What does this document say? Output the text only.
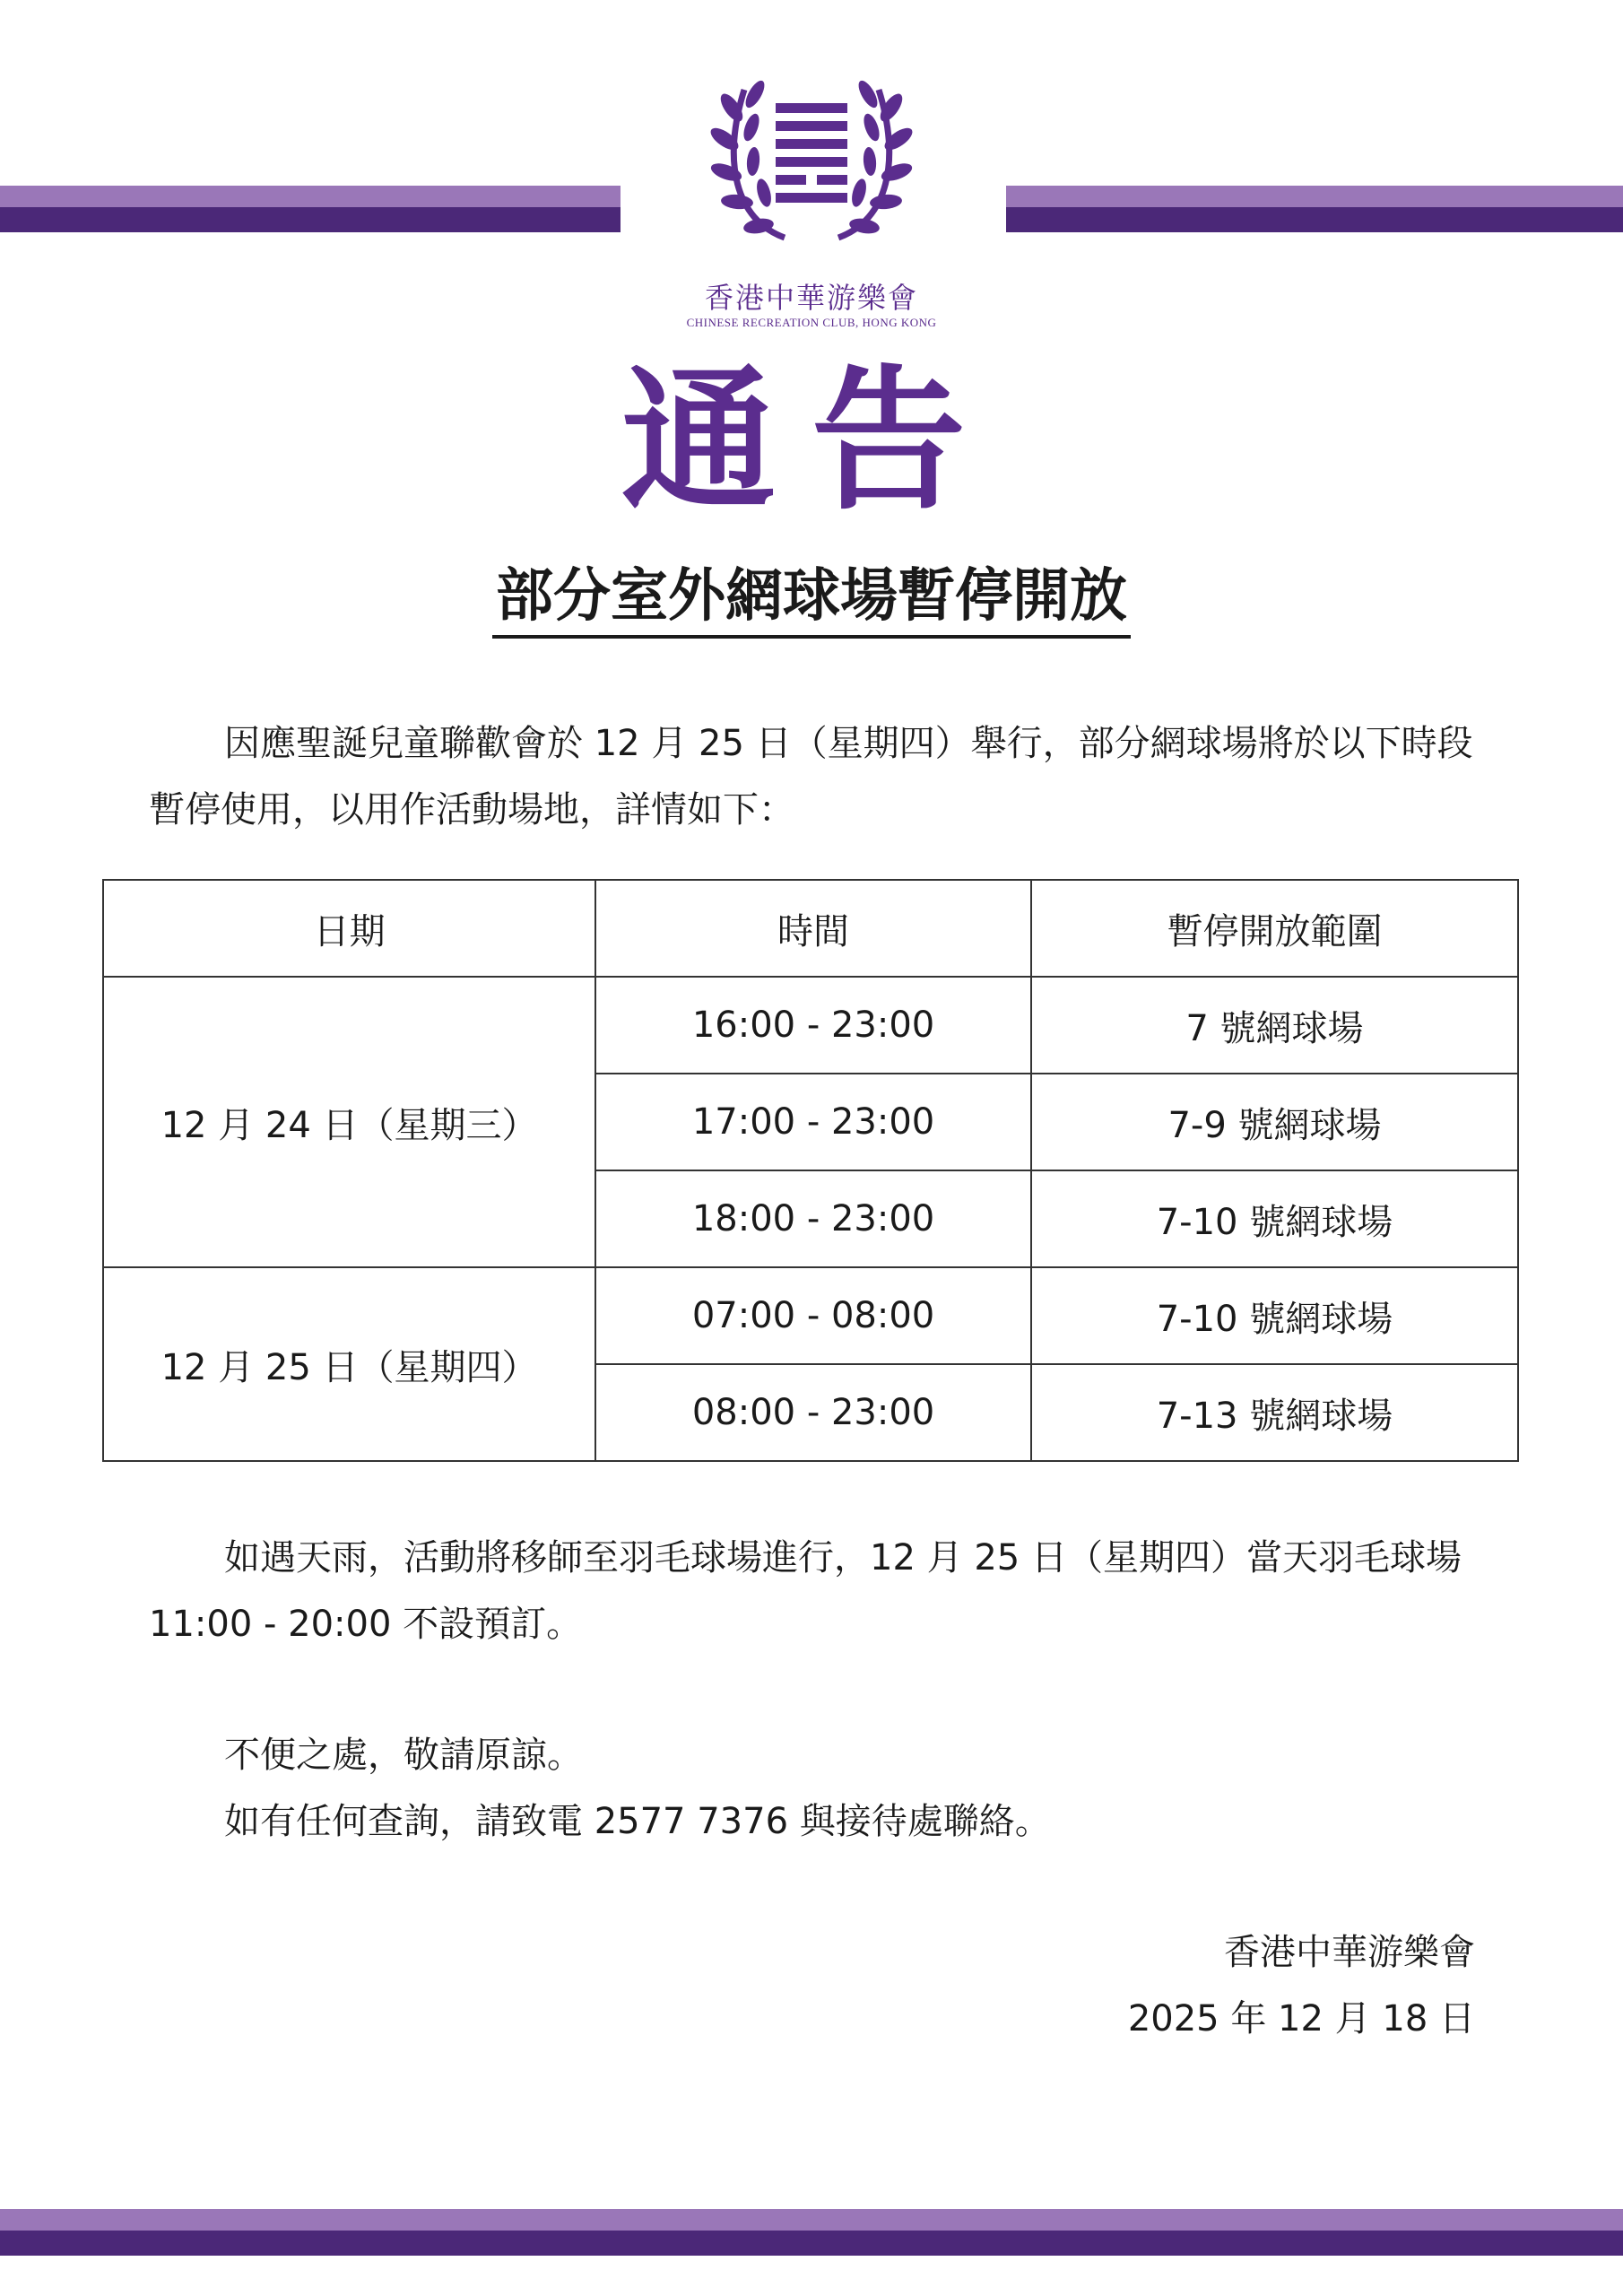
香港中華游樂會
CHINESE RECREATION CLUB, HONG KONG
通告
部分室外網球場暫停開放
因應聖誕兒童聯歡會於 12 月 25 日（星期四）舉行，部分網球場將於以下時段暫停使用，以用作活動場地，詳情如下：
日期	時間	暫停開放範圍
12 月 24 日（星期三）	16:00 - 23:00	7 號網球場
	17:00 - 23:00	7-9 號網球場
	18:00 - 23:00	7-10 號網球場
12 月 25 日（星期四）	07:00 - 08:00	7-10 號網球場
	08:00 - 23:00	7-13 號網球場
如遇天雨，活動將移師至羽毛球場進行，12 月 25 日（星期四）當天羽毛球場 11:00 - 20:00 不設預訂。
不便之處，敬請原諒。
如有任何查詢，請致電 2577 7376 與接待處聯絡。
香港中華游樂會
2025 年 12 月 18 日
